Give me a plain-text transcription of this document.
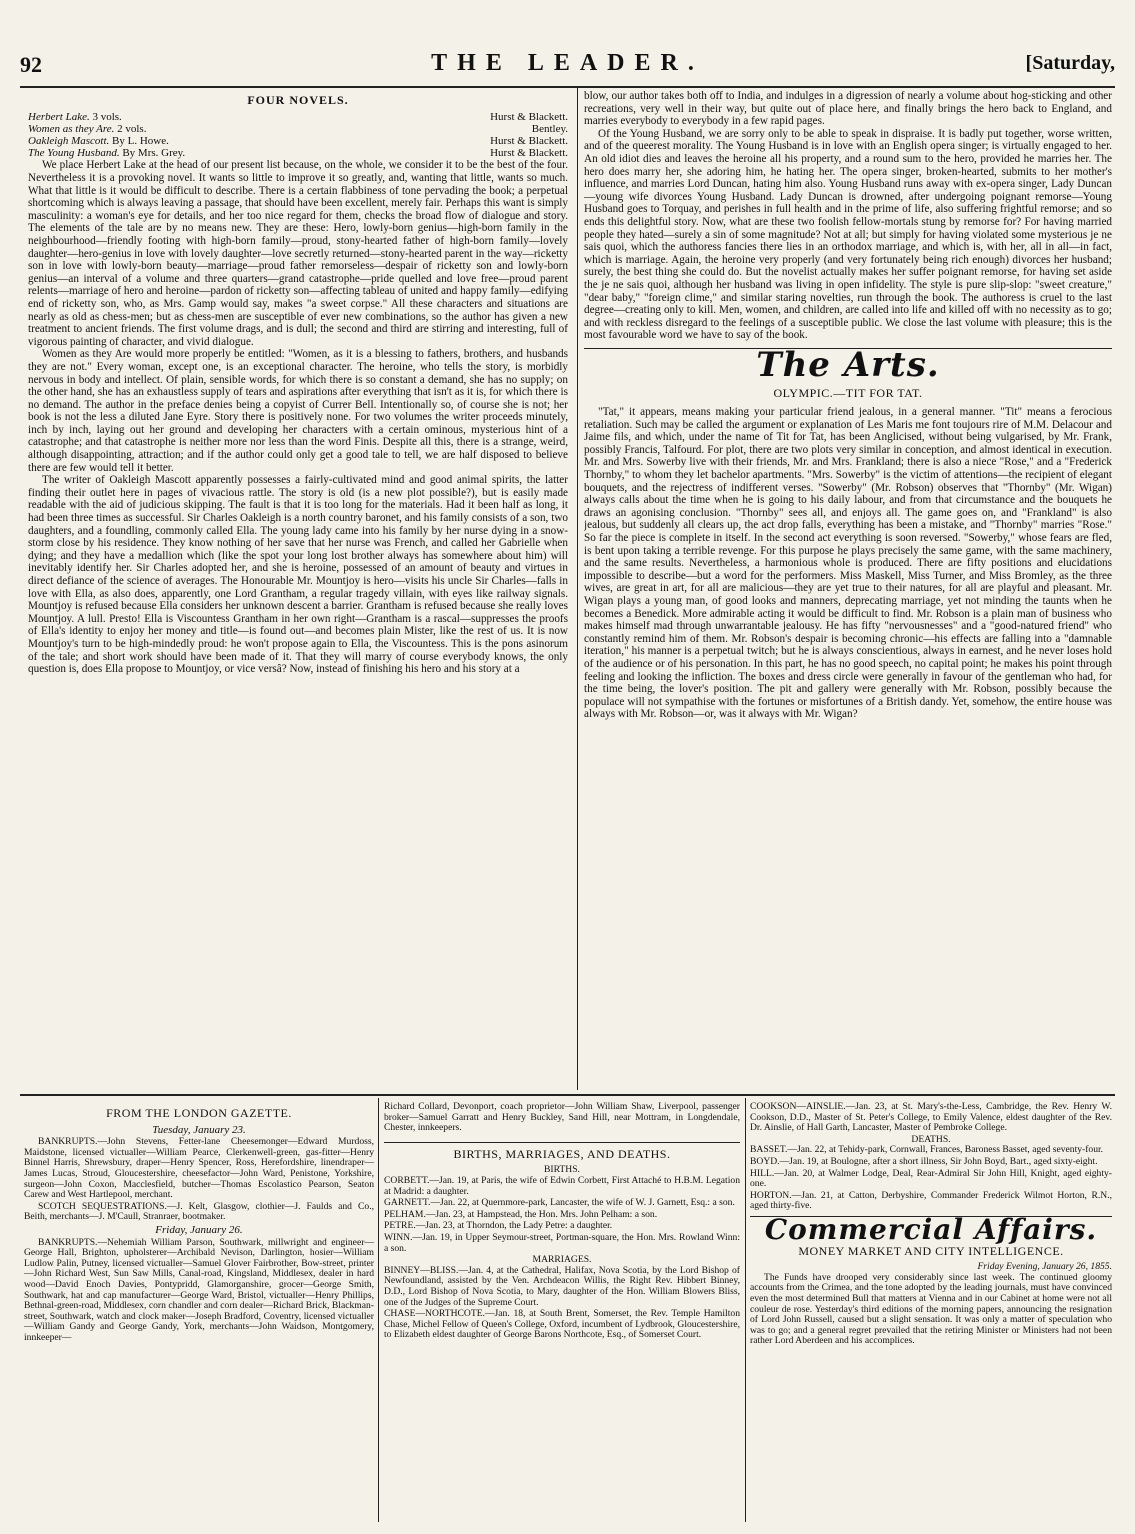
92	THE LEADER.	[Saturday,
FOUR NOVELS.
Herbert Lake. 3 vols.	Hurst & Blackett.
Women as they Are. 2 vols.	Bentley.
Oakleigh Mascott. By L. Howe.	Hurst & Blackett.
The Young Husband. By Mrs. Grey.	Hurst & Blackett.

We place Herbert Lake at the head of our present list because, on the whole, we consider it to be the best of the four. Nevertheless it is a provoking novel. It wants so little to improve it so greatly, and, wanting that little, wants so much. What that little is it would be difficult to describe. There is a certain flabbiness of tone pervading the book; a perpetual shortcoming which is always leaving a passage, that should have been excellent, merely fair. Perhaps this want is simply masculinity: a woman's eye for details, and her too nice regard for them, checks the broad flow of dialogue and story. The elements of the tale are by no means new. They are these: Hero, lowly-born genius—high-born family in the neighbourhood—friendly footing with high-born family—proud, stony-hearted father of high-born family—lovely daughter—hero-genius in love with lovely daughter—love secretly returned—stony-hearted parent in the way—ricketty son in love with lowly-born beauty—marriage—proud father remorseless—despair of ricketty son and lowly-born genius—an interval of a volume and three quarters—grand catastrophe—pride quelled and love free—proud parent relents—marriage of hero and heroine—pardon of ricketty son—affecting tableau of united and happy family—edifying end of ricketty son, who, as Mrs. Gamp would say, makes "a sweet corpse." All these characters and situations are nearly as old as chess-men; but as chess-men are susceptible of ever new combinations, so the author has given a new treatment to ancient friends. The first volume drags, and is dull; the second and third are stirring and interesting, full of vigorous painting of character, and vivid dialogue.

Women as they Are would more properly be entitled: "Women, as it is a blessing to fathers, brothers, and husbands they are not." Every woman, except one, is an exceptional character. The heroine, who tells the story, is morbidly nervous in body and intellect. Of plain, sensible words, for which there is so constant a demand, she has no supply; on the other hand, she has an exhaustless supply of tears and aspirations after everything that isn't as it is, for which there is no demand. The author in the preface denies being a copyist of Currer Bell. Intentionally so, of course she is not; her book is not the less a diluted Jane Eyre. Story there is positively none. For two volumes the writer proceeds minutely, inch by inch, laying out her ground and developing her characters with a certain ominous, mysterious hint of a catastrophe; and that catastrophe is neither more nor less than the word Finis. Despite all this, there is a strange, weird, although disappointing, attraction; and if the author could only get a good tale to tell, we are half disposed to believe there are few would tell it better.

The writer of Oakleigh Mascott apparently possesses a fairly-cultivated mind and good animal spirits, the latter finding their outlet here in pages of vivacious rattle. The story is old (is a new plot possible?), but is easily made readable with the aid of judicious skipping. The fault is that it is too long for the materials. Had it been half as long, it had been three times as successful. Sir Charles Oakleigh is a north country baronet, and his family consists of a son, two daughters, and a foundling, commonly called Ella. The young lady came into his family by her nurse dying in a snow-storm close by his residence. They know nothing of her save that her nurse was French, and called her Gabrielle when dying; and they have a medallion which (like the spot your long lost brother always has somewhere about him) will inevitably identify her. Sir Charles adopted her, and she is heroine, possessed of an amount of beauty and virtues in direct defiance of the science of averages. The Honourable Mr. Mountjoy is hero—visits his uncle Sir Charles—falls in love with Ella, as also does, apparently, one Lord Grantham, a regular tragedy villain, with eyes like railway signals. Mountjoy is refused because Ella considers her unknown descent a barrier. Grantham is refused because she really loves Mountjoy. A lull. Presto! Ella is Viscountess Grantham in her own right—Grantham is a rascal—suppresses the proofs of Ella's identity to enjoy her money and title—is found out—and becomes plain Mister, like the rest of us. It is now Mountjoy's turn to be high-mindedly proud: he won't propose again to Ella, the Viscountess. This is the pons asinorum of the tale; and short work should have been made of it. That they will marry of course everybody knows, the only question is, does Ella propose to Mountjoy, or vice versâ? Now, instead of finishing his hero and his story at a

blow, our author takes both off to India, and indulges in a digression of nearly a volume about hog-sticking and other recreations, very well in their way, but quite out of place here, and finally brings the hero back to England, and marries everybody to everybody in a few rapid pages.

Of the Young Husband, we are sorry only to be able to speak in dispraise. It is badly put together, worse written, and of the queerest morality. The Young Husband is in love with an English opera singer; is virtually engaged to her. An old idiot dies and leaves the heroine all his property, and a round sum to the hero, provided he marries her. The hero does marry her, she adoring him, he hating her. The opera singer, broken-hearted, submits to her mother's influence, and marries Lord Duncan, hating him also. Young Husband runs away with ex-opera singer, Lady Duncan—young wife divorces Young Husband. Lady Duncan is drowned, after undergoing poignant remorse—Young Husband goes to Torquay, and perishes in full health and in the prime of life, also suffering frightful remorse; and so ends this delightful story. Now, what are these two foolish fellow-mortals stung by remorse for? For having married people they hated—surely a sin of some magnitude? Not at all; but simply for having violated some mysterious je ne sais quoi, which the authoress fancies there lies in an orthodox marriage, and which is, with her, all in all—in fact, which is marriage. Again, the heroine very properly (and very fortunately being rich enough) divorces her husband; surely, the best thing she could do. But the novelist actually makes her suffer poignant remorse, for having set aside the je ne sais quoi, although her husband was living in open infidelity. The style is pure slip-slop: "sweet creature," "dear baby," "foreign clime," and similar staring novelties, run through the book. The authoress is cruel to the last degree—creating only to kill. Men, women, and children, are called into life and killed off with no necessity as to go; and with reckless disregard to the feelings of a susceptible public. We close the last volume with pleasure; this is the most favourable word we have to say of the book.

The Arts.
OLYMPIC.—TIT FOR TAT.

"Tat," it appears, means making your particular friend jealous, in a general manner. "Tit" means a ferocious retaliation. Such may be called the argument or explanation of Les Maris me font toujours rire of M.M. Delacour and Jaime fils, and which, under the name of Tit for Tat, has been Anglicised, without being vulgarised, by Mr. Frank, possibly Francis, Talfourd. For plot, there are two plots very similar in conception, and almost identical in execution. Mr. and Mrs. Sowerby live with their friends, Mr. and Mrs. Frankland; there is also a niece "Rose," and a "Frederick Thornby," to whom they let bachelor apartments. "Mrs. Sowerby" is the victim of attentions—the recipient of elegant bouquets, and the rejectress of indifferent verses. "Sowerby" (Mr. Robson) observes that "Thornby" (Mr. Wigan) always calls about the time when he is going to his daily labour, and from that circumstance and the bouquets he draws an agonising conclusion. "Thornby" sees all, and enjoys all. The game goes on, and "Frankland" is also jealous, but suddenly all clears up, the act drop falls, everything has been a mistake, and "Thornby" marries "Rose." So far the piece is complete in itself. In the second act everything is soon reversed. "Sowerby," whose fears are fled, is bent upon taking a terrible revenge. For this purpose he plays precisely the same game, with the same machinery, and the same results. Nevertheless, a harmonious whole is produced. There are fifty positions and elucidations impossible to describe—but a word for the performers. Miss Maskell, Miss Turner, and Miss Bromley, as the three wives, are great in art, for all are malicious—they are yet true to their natures, for all are playful and pleasant. Mr. Wigan plays a young man, of good looks and manners, deprecating marriage, yet not minding the taunts when he becomes a Benedick. More admirable acting it would be difficult to find. Mr. Robson is a plain man of business who makes himself mad through unwarrantable jealousy. He has fifty "nervousnesses" and a "good-natured friend" who constantly remind him of them. Mr. Robson's despair is becoming chronic—his effects are falling into a "damnable iteration," his manner is a perpetual twitch; but he is always conscientious, always in earnest, and he never loses hold of the audience or of his personation. In this part, he has no good speech, no capital point; he makes his point through feeling and looking the infliction. The boxes and dress circle were generally in favour of the gentleman who had, for the time being, the lover's position. The pit and gallery were generally with Mr. Robson, possibly because the populace will not sympathise with the fortunes or misfortunes of a British dandy. Yet, somehow, the entire house was always with Mr. Robson—or, was it always with Mr. Wigan?

FROM THE LONDON GAZETTE.
Tuesday, January 23.

BANKRUPTS.—John Stevens, Fetter-lane Cheesemonger—Edward Murdoss, Maidstone, licensed victualler—William Pearce, Clerkenwell-green, gas-fitter—Henry Binnel Harris, Shrewsbury, draper—Henry Spencer, Ross, Herefordshire, linendraper—James Lucas, Stroud, Gloucestershire, cheesefactor—John Ward, Penistone, Yorkshire, surgeon—John Coxon, Macclesfield, butcher—Thomas Escolastico Pearson, Seaton Carew and West Hartlepool, merchant.

SCOTCH SEQUESTRATIONS.—J. Kelt, Glasgow, clothier—J. Faulds and Co., Beith, merchants—J. M'Caull, Stranraer, bootmaker.

Friday, January 26.

BANKRUPTS.—Nehemiah William Parson, Southwark, millwright and engineer—George Hall, Brighton, upholsterer—Archibald Nevison, Darlington, hosier—William Ludlow Palin, Putney, licensed victualler—Samuel Glover Fairbrother, Bow-street, printer—John Richard West, Sun Saw Mills, Canal-road, Kingsland, Middlesex, dealer in hard wood—David Enoch Davies, Pontypridd, Glamorganshire, grocer—George Smith, Southwark, hat and cap manufacturer—George Ward, Bristol, victualler—Henry Phillips, Bethnal-green-road, Middlesex, corn chandler and corn dealer—Richard Brick, Blackman-street, Southwark, watch and clock maker—Joseph Bradford, Coventry, licensed victualler—William Gandy and George Gandy, York, merchants—John Waidson, Montgomery, innkeeper—

Richard Collard, Devonport, coach proprietor—John William Shaw, Liverpool, passenger broker—Samuel Garratt and Henry Buckley, Sand Hill, near Mottram, in Longdendale, Chester, innkeepers.

BIRTHS, MARRIAGES, AND DEATHS.
BIRTHS.

CORBETT.—Jan. 19, at Paris, the wife of Edwin Corbett, First Attaché to H.B.M. Legation at Madrid: a daughter.

GARNETT.—Jan. 22, at Quernmore-park, Lancaster, the wife of W. J. Garnett, Esq.: a son.

PELHAM.—Jan. 23, at Hampstead, the Hon. Mrs. John Pelham: a son.

PETRE.—Jan. 23, at Thorndon, the Lady Petre: a daughter.

WINN.—Jan. 19, in Upper Seymour-street, Portman-square, the Hon. Mrs. Rowland Winn: a son.

MARRIAGES.

BINNEY—BLISS.—Jan. 4, at the Cathedral, Halifax, Nova Scotia, by the Lord Bishop of Newfoundland, assisted by the Ven. Archdeacon Willis, the Right Rev. Hibbert Binney, D.D., Lord Bishop of Nova Scotia, to Mary, daughter of the Hon. William Blowers Bliss, one of the Judges of the Supreme Court.

CHASE—NORTHCOTE.—Jan. 18, at South Brent, Somerset, the Rev. Temple Hamilton Chase, Michel Fellow of Queen's College, Oxford, incumbent of Lydbrook, Gloucestershire, to Elizabeth eldest daughter of George Barons Northcote, Esq., of Somerset Court.

COOKSON—AINSLIE.—Jan. 23, at St. Mary's-the-Less, Cambridge, the Rev. Henry W. Cookson, D.D., Master of St. Peter's College, to Emily Valence, eldest daughter of the Rev. Dr. Ainslie, of Hall Garth, Lancaster, Master of Pembroke College.

DEATHS.

BASSET.—Jan. 22, at Tehidy-park, Cornwall, Frances, Baroness Basset, aged seventy-four.

BOYD.—Jan. 19, at Boulogne, after a short illness, Sir John Boyd, Bart., aged sixty-eight.

HILL.—Jan. 20, at Walmer Lodge, Deal, Rear-Admiral Sir John Hill, Knight, aged eighty-one.

HORTON.—Jan. 21, at Catton, Derbyshire, Commander Frederick Wilmot Horton, R.N., aged thirty-five.

Commercial Affairs.
MONEY MARKET AND CITY INTELLIGENCE.
Friday Evening, January 26, 1855.

The Funds have drooped very considerably since last week. The continued gloomy accounts from the Crimea, and the tone adopted by the leading journals, must have convinced even the most determined Bull that matters at Vienna and in our Cabinet at home were not all couleur de rose. Yesterday's third editions of the morning papers, announcing the resignation of Lord John Russell, caused but a slight sensation. It was only a matter of speculation who was to go; and a general regret prevailed that the retiring Minister or Ministers had not been rather Lord Aberdeen and his accomplices.
